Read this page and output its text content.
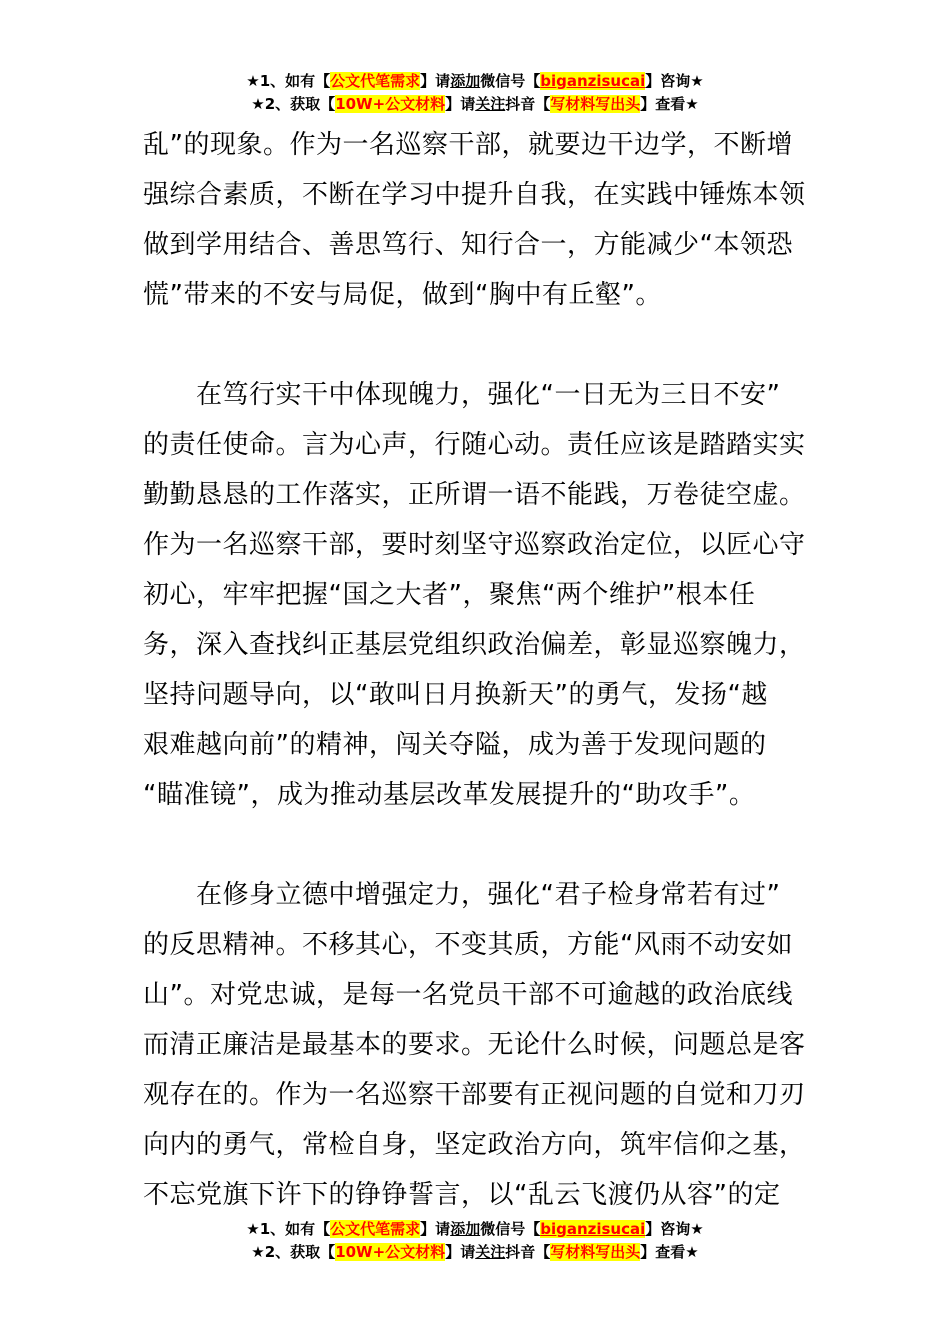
★1、如有【公文代笔需求】请添加微信号【biganzisucai】咨询★
★2、获取【10W+公文材料】请关注抖音【写材料写出头】查看★
乱”的现象。作为一名巡察干部，就要边干边学，不断增
强综合素质，不断在学习中提升自我，在实践中锤炼本领
做到学用结合、善思笃行、知行合一，方能减少“本领恐
慌”带来的不安与局促，做到“胸中有丘壑”。
　　在笃行实干中体现魄力，强化“一日无为三日不安”
的责任使命。言为心声，行随心动。责任应该是踏踏实实
勤勤恳恳的工作落实，正所谓一语不能践，万卷徒空虚。
作为一名巡察干部，要时刻坚守巡察政治定位，以匠心守
初心，牢牢把握“国之大者”，聚焦“两个维护”根本任
务，深入查找纠正基层党组织政治偏差，彰显巡察魄力，
坚持问题导向，以“敢叫日月换新天”的勇气，发扬“越
艰难越向前”的精神，闯关夺隘，成为善于发现问题的
“瞄准镜”，成为推动基层改革发展提升的“助攻手”。
　　在修身立德中增强定力，强化“君子检身常若有过”
的反思精神。不移其心，不变其质，方能“风雨不动安如
山”。对党忠诚，是每一名党员干部不可逾越的政治底线
而清正廉洁是最基本的要求。无论什么时候，问题总是客
观存在的。作为一名巡察干部要有正视问题的自觉和刀刃
向内的勇气，常检自身，坚定政治方向，筑牢信仰之基，
不忘党旗下许下的铮铮誓言，以“乱云飞渡仍从容”的定
★1、如有【公文代笔需求】请添加微信号【biganzisucai】咨询★
★2、获取【10W+公文材料】请关注抖音【写材料写出头】查看★
